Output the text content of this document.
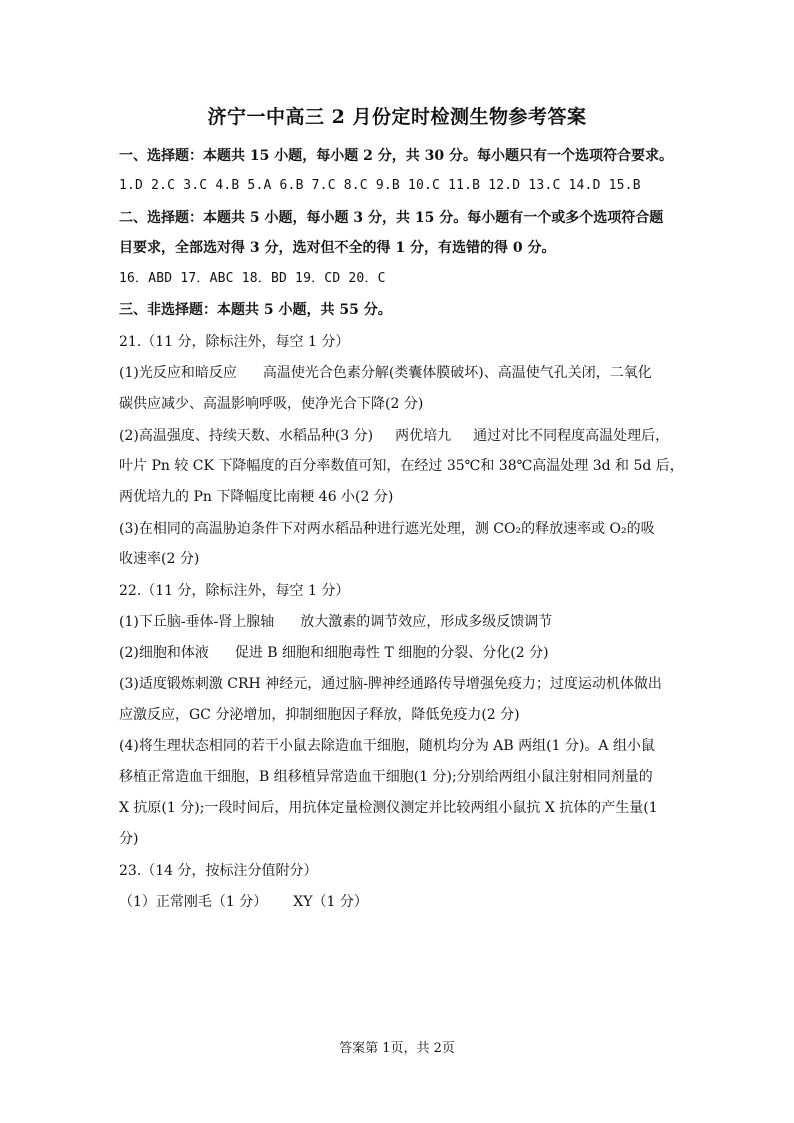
济宁一中高三 2 月份定时检测生物参考答案
一、选择题：本题共 15 小题，每小题 2 分，共 30 分。每小题只有一个选项符合要求。
1.D 2.C 3.C 4.B 5.A 6.B 7.C 8.C 9.B 10.C 11.B 12.D 13.C 14.D 15.B
二、选择题：本题共 5 小题，每小题 3 分，共 15 分。每小题有一个或多个选项符合题
目要求，全部选对得 3 分，选对但不全的得 1 分，有选错的得 0 分。
16．ABD 17．ABC 18．BD 19．CD 20．C
三、非选择题：本题共 5 小题，共 55 分。
21.（11 分，除标注外，每空 1 分）
(1)光反应和暗反应 高温使光合色素分解(类囊体膜破坏)、高温使气孔关闭，二氧化
碳供应减少、高温影响呼吸，使净光合下降(2 分)
(2)高温强度、持续天数、水稻品种(3 分) 两优培九 通过对比不同程度高温处理后，
叶片 Pn 较 CK 下降幅度的百分率数值可知，在经过 35℃和 38℃高温处理 3d 和 5d 后，
两优培九的 Pn 下降幅度比南粳 46 小(2 分)
(3)在相同的高温胁迫条件下对两水稻品种进行遮光处理，测 CO₂的释放速率或 O₂的吸
收速率(2 分)
22.（11 分，除标注外，每空 1 分）
(1)下丘脑-垂体-肾上腺轴 放大激素的调节效应，形成多级反馈调节
(2)细胞和体液 促进 B 细胞和细胞毒性 T 细胞的分裂、分化(2 分)
(3)适度锻炼刺激 CRH 神经元，通过脑-脾神经通路传导增强免疫力；过度运动机体做出
应激反应，GC 分泌增加，抑制细胞因子释放，降低免疫力(2 分)
(4)将生理状态相同的若干小鼠去除造血干细胞，随机均分为 AB 两组(1 分)。A 组小鼠
移植正常造血干细胞，B 组移植异常造血干细胞(1 分);分别给两组小鼠注射相同剂量的
X 抗原(1 分);一段时间后，用抗体定量检测仪测定并比较两组小鼠抗 X 抗体的产生量(1
分)
23.（14 分，按标注分值附分）
（1）正常刚毛（1 分） XY（1 分）
答案第 1页，共 2页
